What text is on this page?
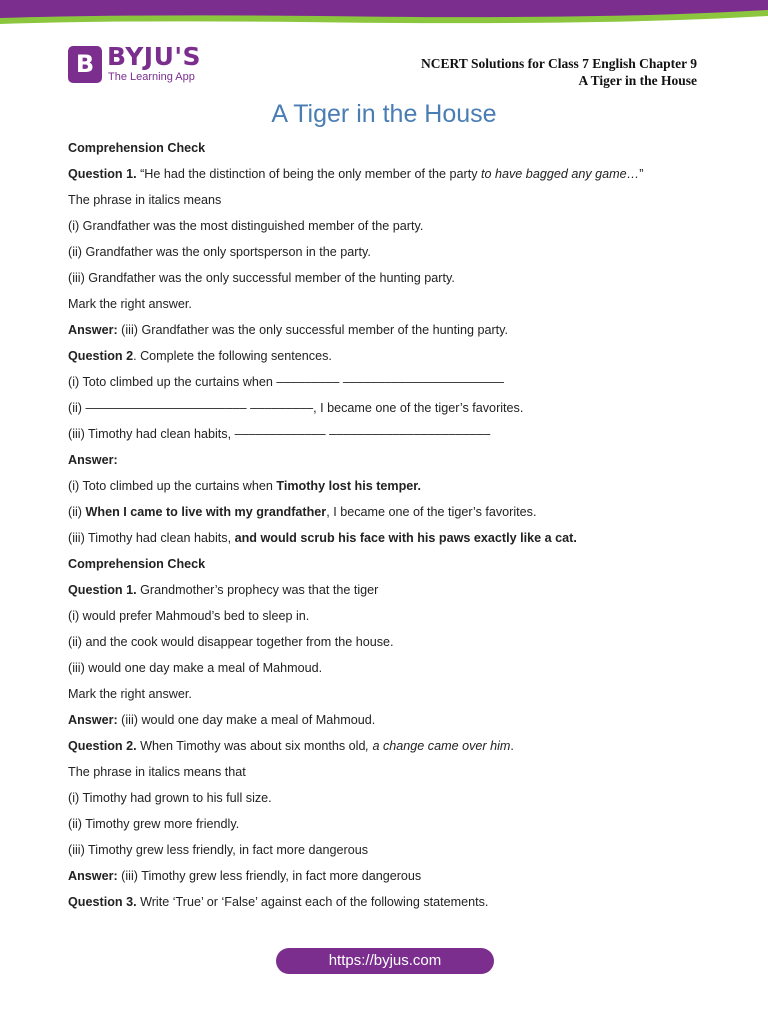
B BYJU'S
The Learning App
NCERT Solutions for Class 7 English Chapter 9
A Tiger in the House
A Tiger in the House
Comprehension Check
Question 1. “He had the distinction of being the only member of the party to have bagged any game…”
The phrase in italics means
(i) Grandfather was the most distinguished member of the party.
(ii) Grandfather was the only sportsperson in the party.
(iii) Grandfather was the only successful member of the hunting party.
Mark the right answer.
Answer: (iii) Grandfather was the only successful member of the hunting party.
Question 2. Complete the following sentences.
(i) Toto climbed up the curtains when ––––––––– –––––––––––––––––––––––
(ii) ––––––––––––––––––––––– –––––––––, I became one of the tiger’s favorites.
(iii) Timothy had clean habits, ––––––––––––– –––––––––––––––––––––––
Answer:
(i) Toto climbed up the curtains when Timothy lost his temper.
(ii) When I came to live with my grandfather, I became one of the tiger’s favorites.
(iii) Timothy had clean habits, and would scrub his face with his paws exactly like a cat.
Comprehension Check
Question 1. Grandmother’s prophecy was that the tiger
(i) would prefer Mahmoud’s bed to sleep in.
(ii) and the cook would disappear together from the house.
(iii) would one day make a meal of Mahmoud.
Mark the right answer.
Answer: (iii) would one day make a meal of Mahmoud.
Question 2. When Timothy was about six months old, a change came over him.
The phrase in italics means that
(i) Timothy had grown to his full size.
(ii) Timothy grew more friendly.
(iii) Timothy grew less friendly, in fact more dangerous
Answer: (iii) Timothy grew less friendly, in fact more dangerous
Question 3. Write ‘True’ or ‘False’ against each of the following statements.
https://byjus.com
